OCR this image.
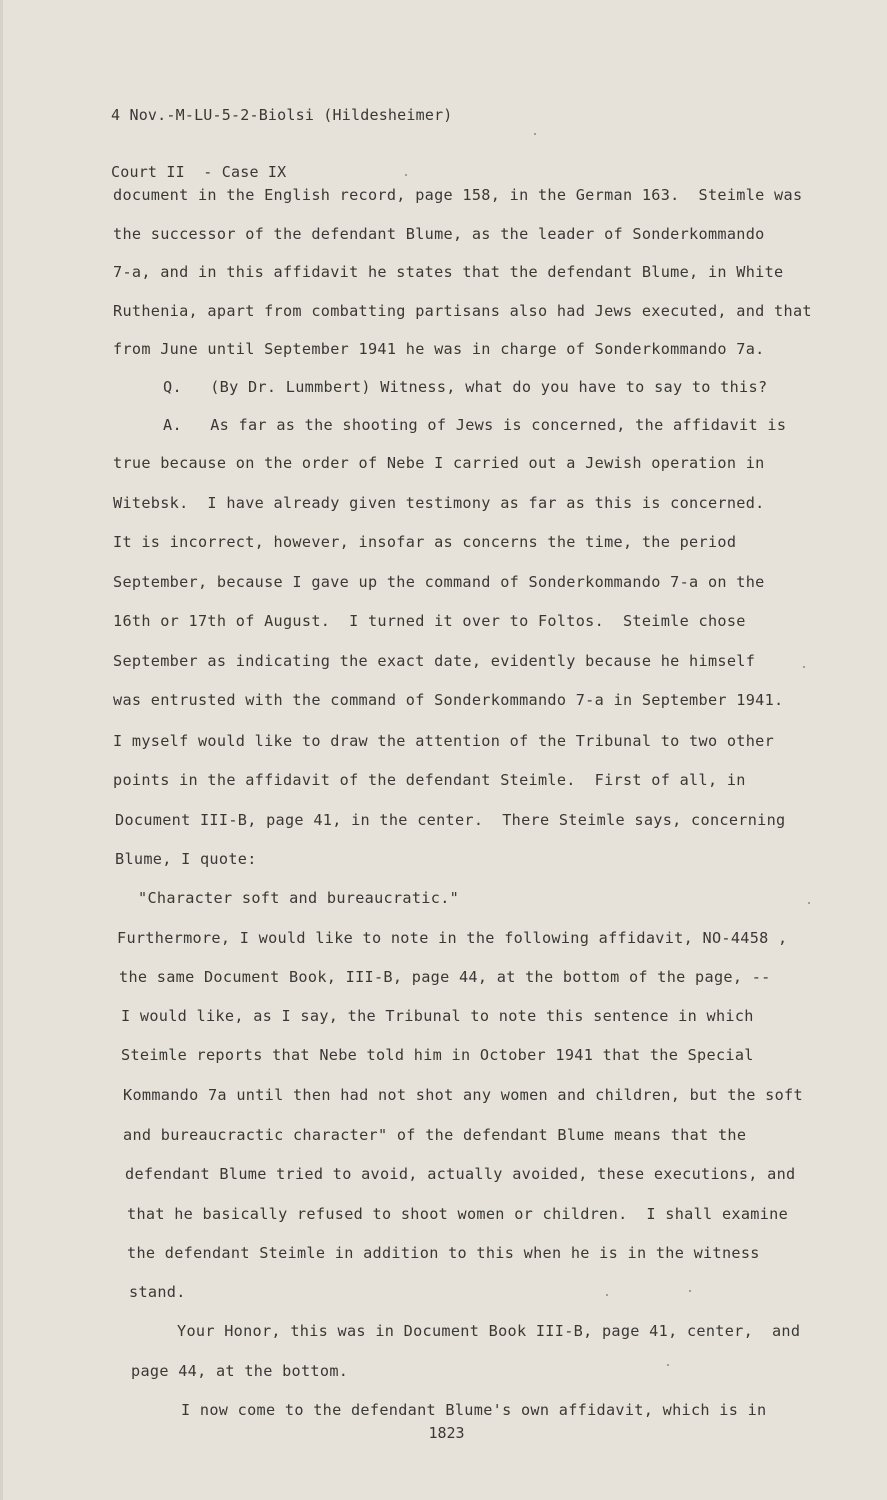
4 Nov.-M-LU-5-2-Biolsi (Hildesheimer)

Court II  - Case IX

document in the English record, page 158, in the German 163.  Steimle was
the successor of the defendant Blume, as the leader of Sonderkommando
7-a, and in this affidavit he states that the defendant Blume, in White
Ruthenia, apart from combatting partisans also had Jews executed, and that
from June until September 1941 he was in charge of Sonderkommando 7a.
Q.   (By Dr. Lummbert) Witness, what do you have to say to this?
A.   As far as the shooting of Jews is concerned, the affidavit is
true because on the order of Nebe I carried out a Jewish operation in
Witebsk.  I have already given testimony as far as this is concerned.
It is incorrect, however, insofar as concerns the time, the period
September, because I gave up the command of Sonderkommando 7-a on the
16th or 17th of August.  I turned it over to Foltos.  Steimle chose
September as indicating the exact date, evidently because he himself
was entrusted with the command of Sonderkommando 7-a in September 1941.
I myself would like to draw the attention of the Tribunal to two other
points in the affidavit of the defendant Steimle.  First of all, in
Document III-B, page 41, in the center.  There Steimle says, concerning
Blume, I quote:
"Character soft and bureaucratic."
Furthermore, I would like to note in the following affidavit, NO-4458 ,
the same Document Book, III-B, page 44, at the bottom of the page, --
I would like, as I say, the Tribunal to note this sentence in which
Steimle reports that Nebe told him in October 1941 that the Special
Kommando 7a until then had not shot any women and children, but the soft
and bureaucractic character" of the defendant Blume means that the
defendant Blume tried to avoid, actually avoided, these executions, and
that he basically refused to shoot women or children.  I shall examine
the defendant Steimle in addition to this when he is in the witness
stand.
Your Honor, this was in Document Book III-B, page 41, center,  and
page 44, at the bottom.
I now come to the defendant Blume's own affidavit, which is in
1823
